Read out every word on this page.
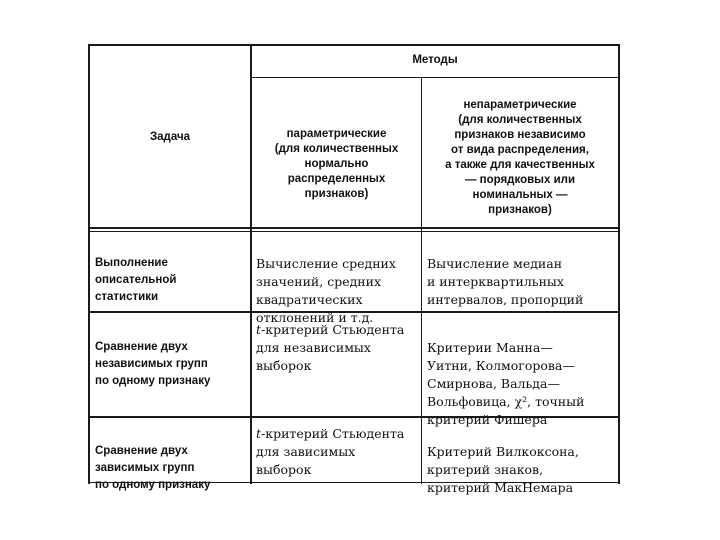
Задача
Методы

параметрические
(для количественных
нормально
распределенных
признаков)

непараметрические
(для количественных
признаков независимо
от вида распределения,
а также для качественных
— порядковых или
номинальных —
признаков)

Выполнение
описательной
статистики

Вычисление средних
значений, средних
квадратических
отклонений и т.д.

Вычисление медиан
и интерквартильных
интервалов, пропорций

Сравнение двух
независимых групп
по одному признаку

t-критерий Стьюдента
для независимых
выборок

Критерии Манна—
Уитни, Колмогорова—
Смирнова, Вальда—
Вольфовица, χ², точный
критерий Фишера

Сравнение двух
зависимых групп
по одному признаку

t-критерий Стьюдента
для зависимых
выборок

Критерий Вилкоксона,
критерий знаков,
критерий МакНемара
